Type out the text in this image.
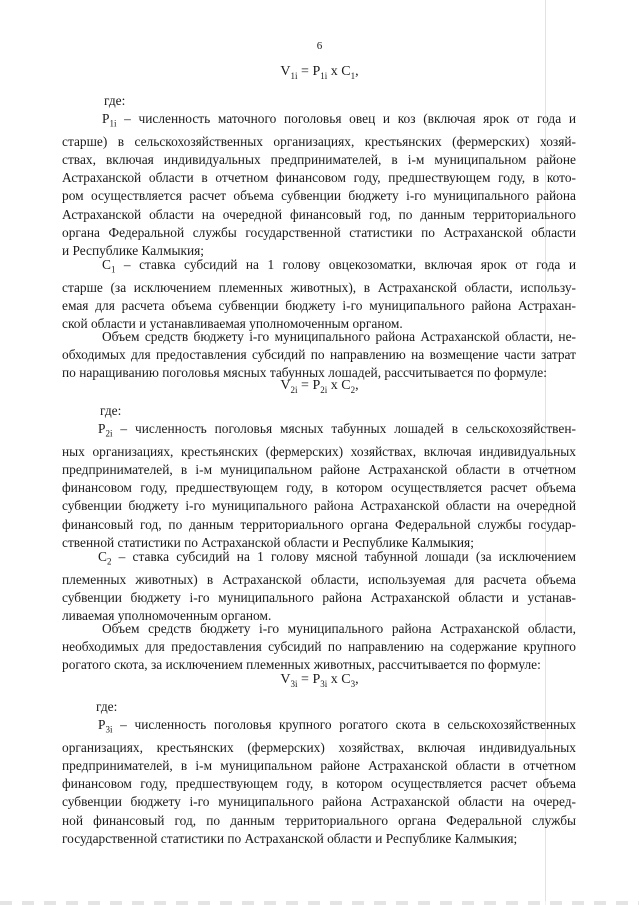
6
$V_{1i} = P_{1i}$ x $C_1$,
где:
$P_{1i}$ – численность маточного поголовья овец и коз (включая ярок от года и
старше) в сельскохозяйственных организациях, крестьянских (фермерских) хозяй-
ствах, включая индивидуальных предпринимателей, в i-м муниципальном районе
Астраханской области в отчетном финансовом году, предшествующем году, в кото-
ром осуществляется расчет объема субвенции бюджету i-го муниципального района
Астраханской области на очередной финансовый год, по данным территориального
органа Федеральной службы государственной статистики по Астраханской области
и Республике Калмыкия;
$C_1$ – ставка субсидий на 1 голову овцекозоматки, включая ярок от года и
старше (за исключением племенных животных), в Астраханской области, использу-
емая для расчета объема субвенции бюджету i-го муниципального района Астрахан-
ской области и устанавливаемая уполномоченным органом.
Объем средств бюджету i-го муниципального района Астраханской области, не-
обходимых для предоставления субсидий по направлению на возмещение части затрат
по наращиванию поголовья мясных табунных лошадей, рассчитывается по формуле:
$V_{2i} = P_{2i}$ x $C_2$,
где:
$P_{2i}$ – численность поголовья мясных табунных лошадей в сельскохозяйствен-
ных организациях, крестьянских (фермерских) хозяйствах, включая индивидуальных
предпринимателей, в i-м муниципальном районе Астраханской области в отчетном
финансовом году, предшествующем году, в котором осуществляется расчет объема
субвенции бюджету i-го муниципального района Астраханской области на очередной
финансовый год, по данным территориального органа Федеральной службы государ-
ственной статистики по Астраханской области и Республике Калмыкия;
$C_2$ – ставка субсидий на 1 голову мясной табунной лошади (за исключением
племенных животных) в Астраханской области, используемая для расчета объема
субвенции бюджету i-го муниципального района Астраханской области и устанав-
ливаемая уполномоченным органом.
Объем средств бюджету i-го муниципального района Астраханской области,
необходимых для предоставления субсидий по направлению на содержание крупного
рогатого скота, за исключением племенных животных, рассчитывается по формуле:
$V_{3i} = P_{3i}$ x $C_3$,
где:
$P_{3i}$ – численность поголовья крупного рогатого скота в сельскохозяйственных
организациях, крестьянских (фермерских) хозяйствах, включая индивидуальных
предпринимателей, в i-м муниципальном районе Астраханской области в отчетном
финансовом году, предшествующем году, в котором осуществляется расчет объема
субвенции бюджету i-го муниципального района Астраханской области на очеред-
ной финансовый год, по данным территориального органа Федеральной службы
государственной статистики по Астраханской области и Республике Калмыкия;
